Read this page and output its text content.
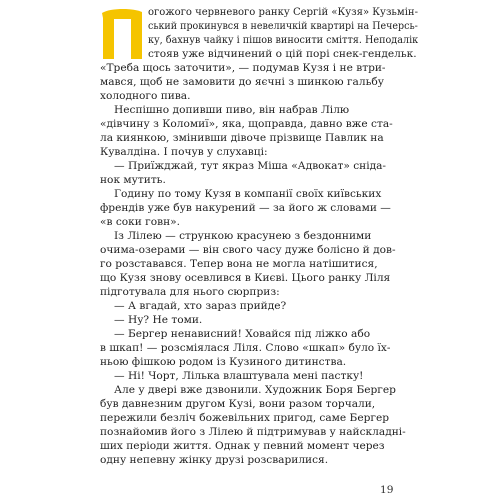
огожого червневого ранку Сергій «Кузя» Кузьмін-
ський прокинувся в невеличкій квартирі на Печерсь-
ку, бахнув чайку і пішов виносити сміття. Неподалік
стояв уже відчинений о цій порі снек-гендельк.
«Треба щось заточити», — подумав Кузя і не втри-
мався, щоб не замовити до яєчні з шинкою гальбу
холодного пива.
Неспішно допивши пиво, він набрав Лілю
«дівчину з Коломиї», яка, щоправда, давно вже ста-
ла киянкою, змінивши дівоче прізвище Павлик на
Кувалдіна. І почув у слухавці:
— Приїжджай, тут якраз Міша «Адвокат» сніда-
нок мутить.
Годину по тому Кузя в компанії своїх київських
френдів уже був накурений — за його ж словами —
«в соки говн».
Із Лілею — стрункою красунею з бездонними
очима-озерами — він свого часу дуже болісно й дов-
го розставався. Тепер вона не могла натішитися,
що Кузя знову осевлився в Києві. Цього ранку Ліля
підготувала для нього сюрприз:
— А вгадай, хто зараз прийде?
— Ну? Не томи.
— Бергер ненависний! Ховайся під ліжко або
в шкап! — розсміялася Ліля. Слово «шкап» було їх-
ньою фішкою родом із Кузиного дитинства.
— Ні! Чорт, Лілька влаштувала мені пастку!
Але у двері вже дзвонили. Художник Боря Бергер
був давнезним другом Кузі, вони разом торчали,
пережили безліч божевільних пригод, саме Бергер
познайомив його з Лілею й підтримував у найскладні-
ших періоди життя. Однак у певний момент через
одну непевну жінку друзі розсварилися.
19
